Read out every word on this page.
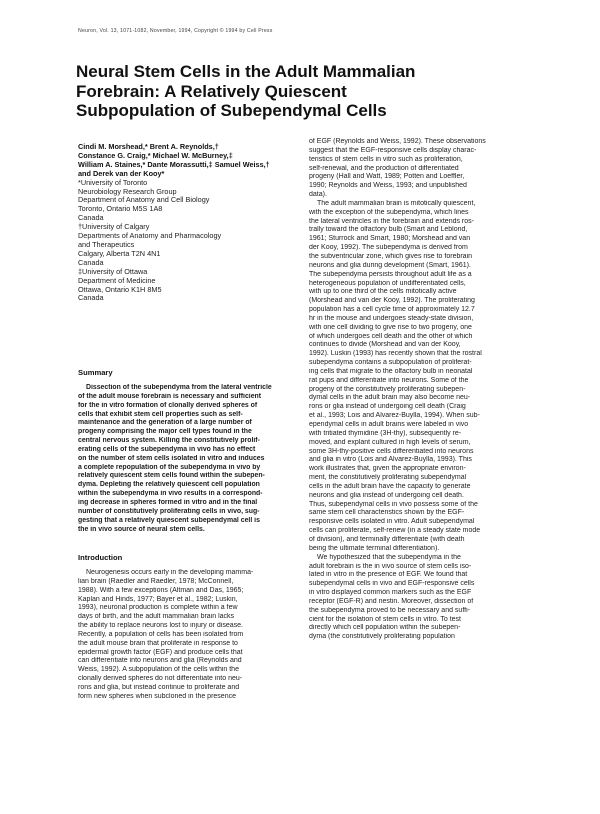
Neuron, Vol. 13, 1071-1082, November, 1994, Copyright © 1994 by Cell Press
Neural Stem Cells in the Adult Mammalian
Forebrain: A Relatively Quiescent
Subpopulation of Subependymal Cells
Cindi M. Morshead,* Brent A. Reynolds,†
Constance G. Craig,* Michael W. McBurney,‡
William A. Staines,* Dante Morassutti,‡ Samuel Weiss,†
and Derek van der Kooy*
*University of Toronto
Neurobiology Research Group
Department of Anatomy and Cell Biology
Toronto, Ontario M5S 1A8
Canada
†University of Calgary
Departments of Anatomy and Pharmacology
and Therapeutics
Calgary, Alberta T2N 4N1
Canada
‡University of Ottawa
Department of Medicine
Ottawa, Ontario K1H 8M5
Canada
Summary
Dissection of the subependyma from the lateral ventricle
of the adult mouse forebrain is necessary and sufficient
for the in vitro formation of clonally derived spheres of
cells that exhibit stem cell properties such as self-
maintenance and the generation of a large number of
progeny comprising the major cell types found in the
central nervous system. Killing the constitutively prolif-
erating cells of the subependyma in vivo has no effect
on the number of stem cells isolated in vitro and induces
a complete repopulation of the subependyma in vivo by
relatively quiescent stem cells found within the subepen-
dyma. Depleting the relatively quiescent cell population
within the subependyma in vivo results in a correspond-
ing decrease in spheres formed in vitro and in the final
number of constitutively proliferating cells in vivo, sug-
gesting that a relatively quiescent subependymal cell is
the in vivo source of neural stem cells.
Introduction
Neurogenesis occurs early in the developing mamma-
lian brain (Raedler and Raedler, 1978; McConnell,
1988). With a few exceptions (Altman and Das, 1965;
Kaplan and Hinds, 1977; Bayer et al., 1982; Luskin,
1993), neuronal production is complete within a few
days of birth, and the adult mammalian brain lacks
the ability to replace neurons lost to injury or disease.
Recently, a population of cells has been isolated from
the adult mouse brain that proliferate in response to
epidermal growth factor (EGF) and produce cells that
can differentiate into neurons and glia (Reynolds and
Weiss, 1992). A subpopulation of the cells within the
clonally derived spheres do not differentiate into neu-
rons and glia, but instead continue to proliferate and
form new spheres when subcloned in the presence
of EGF (Reynolds and Weiss, 1992). These observations
suggest that the EGF-responsive cells display charac-
teristics of stem cells in vitro such as proliferation,
self-renewal, and the production of differentiated
progeny (Hall and Watt, 1989; Potten and Loeffler,
1990; Reynolds and Weiss, 1993; and unpublished
data).
The adult mammalian brain is mitotically quiescent,
with the exception of the subependyma, which lines
the lateral ventricles in the forebrain and extends ros-
trally toward the olfactory bulb (Smart and Leblond,
1961; Sturrock and Smart, 1980; Morshead and van
der Kooy, 1992). The subependyma is derived from
the subventricular zone, which gives rise to forebrain
neurons and glia during development (Smart, 1961).
The subependyma persists throughout adult life as a
heterogeneous population of undifferentiated cells,
with up to one third of the cells mitotically active
(Morshead and van der Kooy, 1992). The proliferating
population has a cell cycle time of approximately 12.7
hr in the mouse and undergoes steady-state division,
with one cell dividing to give rise to two progeny, one
of which undergoes cell death and the other of which
continues to divide (Morshead and van der Kooy,
1992). Luskin (1993) has recently shown that the rostral
subependyma contains a subpopulation of proliferat-
ing cells that migrate to the olfactory bulb in neonatal
rat pups and differentiate into neurons. Some of the
progeny of the constitutively proliferating subepen-
dymal cells in the adult brain may also become neu-
rons or glia instead of undergoing cell death (Craig
et al., 1993; Lois and Alvarez-Buylla, 1994). When sub-
ependymal cells in adult brains were labeled in vivo
with tritiated thymidine (3H-thy), subsequently re-
moved, and explant cultured in high levels of serum,
some 3H-thy-positive cells differentiated into neurons
and glia in vitro (Lois and Alvarez-Buylla, 1993). This
work illustrates that, given the appropriate environ-
ment, the constitutively proliferating subependymal
cells in the adult brain have the capacity to generate
neurons and glia instead of undergoing cell death.
Thus, subependymal cells in vivo possess some of the
same stem cell characteristics shown by the EGF-
responsive cells isolated in vitro. Adult subependymal
cells can proliferate, self-renew (in a steady state mode
of division), and terminally differentiate (with death
being the ultimate terminal differentiation).
We hypothesized that the subependyma in the
adult forebrain is the in vivo source of stem cells iso-
lated in vitro in the presence of EGF. We found that
subependymal cells in vivo and EGF-responsive cells
in vitro displayed common markers such as the EGF
receptor (EGF-R) and nestin. Moreover, dissection of
the subependyma proved to be necessary and suffi-
cient for the isolation of stem cells in vitro. To test
directly which cell population within the subepen-
dyma (the constitutively proliferating population
